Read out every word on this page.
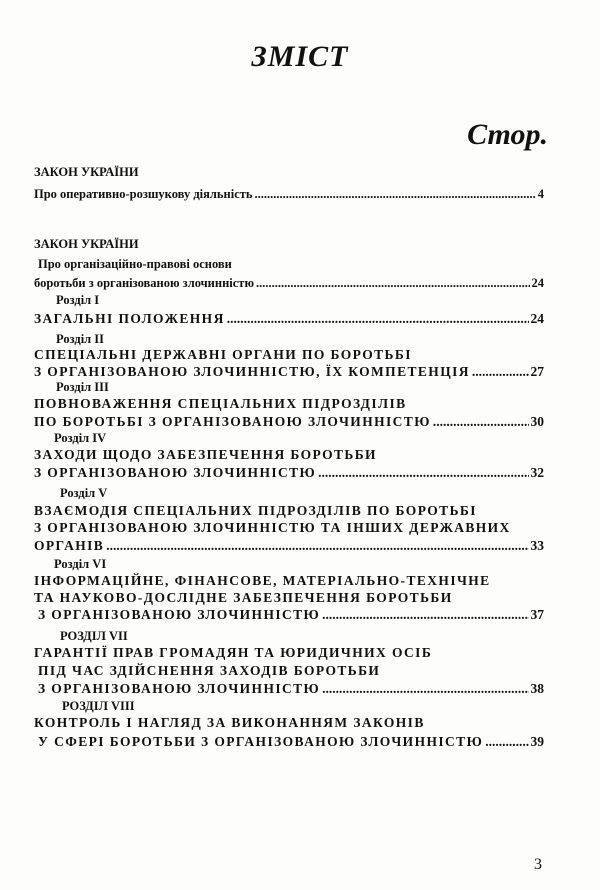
ЗМІСТ
Стор.
ЗАКОН УКРАЇНИ
Про оперативно-розшукову діяльність .....	4
ЗАКОН УКРАЇНИ
Про організаційно-правові основи
боротьби з організованою злочинністю .....	24
Розділ І
ЗАГАЛЬНІ ПОЛОЖЕННЯ .....	24
Розділ ІІ
СПЕЦІАЛЬНІ ДЕРЖАВНІ ОРГАНИ ПО БОРОТЬБІ
З ОРГАНІЗОВАНОЮ ЗЛОЧИННІСТЮ, ЇХ КОМПЕТЕНЦІЯ .....	27
Розділ ІІІ
ПОВНОВАЖЕННЯ СПЕЦІАЛЬНИХ ПІДРОЗДІЛІВ
ПО БОРОТЬБІ З ОРГАНІЗОВАНОЮ ЗЛОЧИННІСТЮ .....	30
Розділ IV
ЗАХОДИ ЩОДО ЗАБЕЗПЕЧЕННЯ БОРОТЬБИ
З ОРГАНІЗОВАНОЮ ЗЛОЧИННІСТЮ .....	32
Розділ V
ВЗАЄМОДІЯ СПЕЦІАЛЬНИХ ПІДРОЗДІЛІВ ПО БОРОТЬБІ
З ОРГАНІЗОВАНОЮ ЗЛОЧИННІСТЮ ТА ІНШИХ ДЕРЖАВНИХ
ОРГАНІВ .....	33
Розділ VI
ІНФОРМАЦІЙНЕ, ФІНАНСОВЕ, МАТЕРІАЛЬНО-ТЕХНІЧНЕ
ТА НАУКОВО-ДОСЛІДНЕ ЗАБЕЗПЕЧЕННЯ БОРОТЬБИ
З ОРГАНІЗОВАНОЮ ЗЛОЧИННІСТЮ .....	37
РОЗДІЛ VII
ГАРАНТІЇ ПРАВ ГРОМАДЯН ТА ЮРИДИЧНИХ ОСІБ
ПІД ЧАС ЗДІЙСНЕННЯ ЗАХОДІВ БОРОТЬБИ
З ОРГАНІЗОВАНОЮ ЗЛОЧИННІСТЮ .....	38
РОЗДІЛ VIII
КОНТРОЛЬ І НАГЛЯД ЗА ВИКОНАННЯМ ЗАКОНІВ
У СФЕРІ БОРОТЬБИ З ОРГАНІЗОВАНОЮ ЗЛОЧИННІСТЮ .....	39
3
